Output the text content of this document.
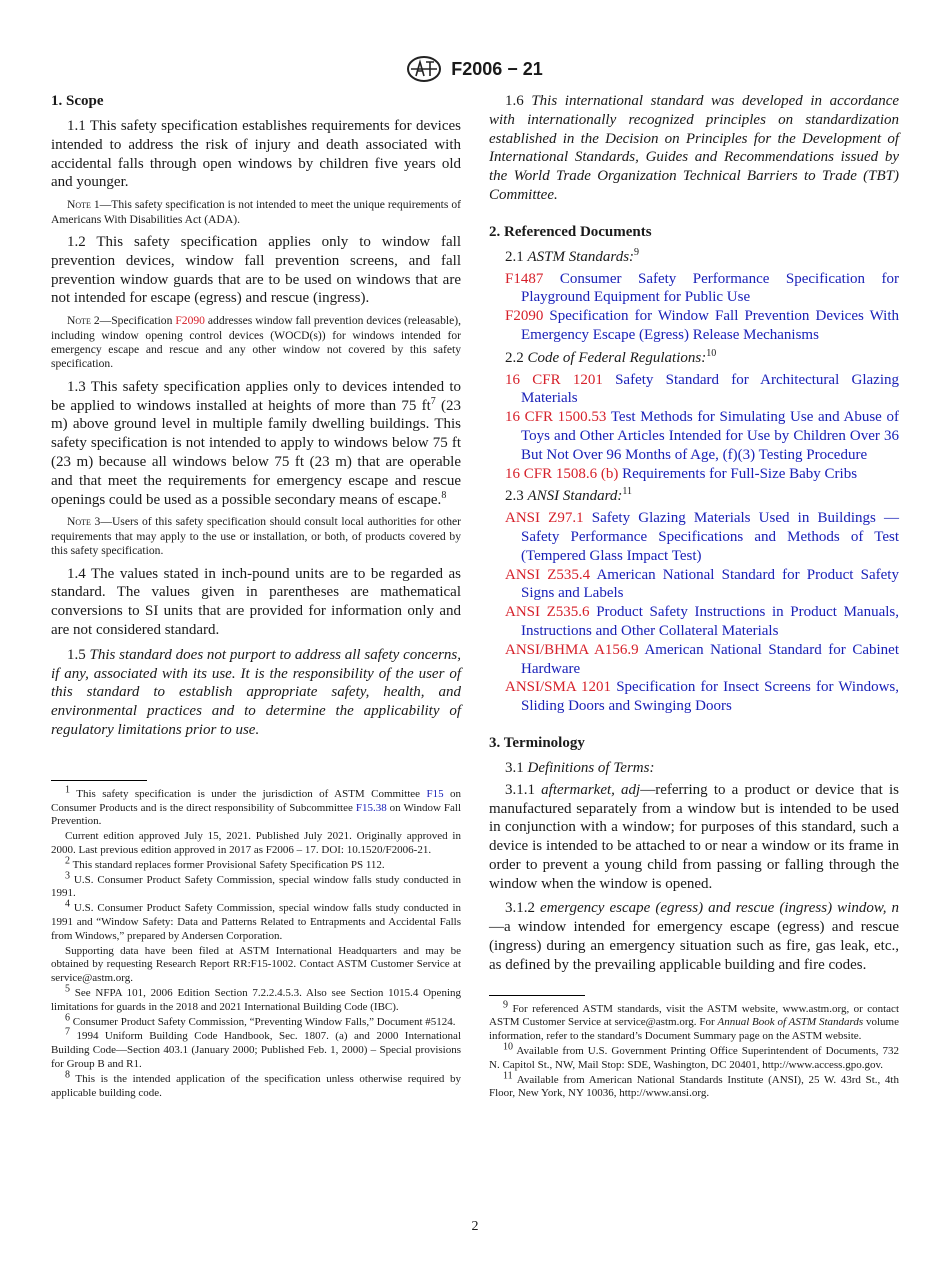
F2006 − 21
1. Scope

1.1 This safety specification establishes requirements for devices intended to address the risk of injury and death associated with accidental falls through open windows by children five years old and younger.

Note 1—This safety specification is not intended to meet the unique requirements of Americans With Disabilities Act (ADA).

1.2 This safety specification applies only to window fall prevention devices, window fall prevention screens, and fall prevention window guards that are to be used on windows that are not intended for escape (egress) and rescue (ingress).

Note 2—Specification F2090 addresses window fall prevention devices (releasable), including window opening control devices (WOCD(s)) for windows intended for emergency escape and rescue and any other window not covered by this safety specification.

1.3 This safety specification applies only to devices intended to be applied to windows installed at heights of more than 75 $ft^7$ (23 m) above ground level in multiple family dwelling buildings. This safety specification is not intended to apply to windows below 75 ft (23 m) because all windows below 75 ft (23 m) that are operable and that meet the requirements for emergency escape and rescue openings could be used as a possible secondary means of escape.$^8$

Note 3—Users of this safety specification should consult local authorities for other requirements that may apply to the use or installation, or both, of products covered by this safety specification.

1.4 The values stated in inch-pound units are to be regarded as standard. The values given in parentheses are mathematical conversions to SI units that are provided for information only and are not considered standard.

1.5 This standard does not purport to address all safety concerns, if any, associated with its use. It is the responsibility of the user of this standard to establish appropriate safety, health, and environmental practices and to determine the applicability of regulatory limitations prior to use.

$^1$ This safety specification is under the jurisdiction of ASTM Committee F15 on Consumer Products and is the direct responsibility of Subcommittee F15.38 on Window Fall Prevention.

Current edition approved July 15, 2021. Published July 2021. Originally approved in 2000. Last previous edition approved in 2017 as F2006 – 17. DOI: 10.1520/F2006-21.

$^2$ This standard replaces former Provisional Safety Specification PS 112.

$^3$ U.S. Consumer Product Safety Commission, special window falls study conducted in 1991.

$^4$ U.S. Consumer Product Safety Commission, special window falls study conducted in 1991 and “Window Safety: Data and Patterns Related to Entrapments and Accidental Falls from Windows,” prepared by Andersen Corporation.

Supporting data have been filed at ASTM International Headquarters and may be obtained by requesting Research Report RR:F15-1002. Contact ASTM Customer Service at service@astm.org.

$^5$ See NFPA 101, 2006 Edition Section 7.2.2.4.5.3. Also see Section 1015.4 Opening limitations for guards in the 2018 and 2021 International Building Code (IBC).

$^6$ Consumer Product Safety Commission, “Preventing Window Falls,” Document #5124.

$^7$ 1994 Uniform Building Code Handbook, Sec. 1807. (a) and 2000 International Building Code—Section 403.1 (January 2000; Published Feb. 1, 2000) – Special provisions for Group B and R1.

$^8$ This is the intended application of the specification unless otherwise required by applicable building code.

1.6 This international standard was developed in accordance with internationally recognized principles on standardization established in the Decision on Principles for the Development of International Standards, Guides and Recommendations issued by the World Trade Organization Technical Barriers to Trade (TBT) Committee.

2. Referenced Documents

2.1 ASTM Standards:$^9$

F1487 Consumer Safety Performance Specification for Playground Equipment for Public Use

F2090 Specification for Window Fall Prevention Devices With Emergency Escape (Egress) Release Mechanisms

2.2 Code of Federal Regulations:$^{10}$

16 CFR 1201 Safety Standard for Architectural Glazing Materials

16 CFR 1500.53 Test Methods for Simulating Use and Abuse of Toys and Other Articles Intended for Use by Children Over 36 But Not Over 96 Months of Age, (f)(3) Testing Procedure

16 CFR 1508.6 (b) Requirements for Full-Size Baby Cribs

2.3 ANSI Standard:$^{11}$

ANSI Z97.1 Safety Glazing Materials Used in Buildings — Safety Performance Specifications and Methods of Test (Tempered Glass Impact Test)

ANSI Z535.4 American National Standard for Product Safety Signs and Labels

ANSI Z535.6 Product Safety Instructions in Product Manuals, Instructions and Other Collateral Materials

ANSI/BHMA A156.9 American National Standard for Cabinet Hardware

ANSI/SMA 1201 Specification for Insect Screens for Windows, Sliding Doors and Swinging Doors

3. Terminology

3.1 Definitions of Terms:

3.1.1 aftermarket, adj—referring to a product or device that is manufactured separately from a window but is intended to be used in conjunction with a window; for purposes of this standard, such a device is intended to be attached to or near a window or its frame in order to prevent a young child from passing or falling through the window when the window is opened.

3.1.2 emergency escape (egress) and rescue (ingress) window, n—a window intended for emergency escape (egress) and rescue (ingress) during an emergency situation such as fire, gas leak, etc., as defined by the prevailing applicable building and fire codes.

$^9$ For referenced ASTM standards, visit the ASTM website, www.astm.org, or contact ASTM Customer Service at service@astm.org. For Annual Book of ASTM Standards volume information, refer to the standard’s Document Summary page on the ASTM website.

$^{10}$ Available from U.S. Government Printing Office Superintendent of Documents, 732 N. Capitol St., NW, Mail Stop: SDE, Washington, DC 20401, http://www.access.gpo.gov.

$^{11}$ Available from American National Standards Institute (ANSI), 25 W. 43rd St., 4th Floor, New York, NY 10036, http://www.ansi.org.

2
